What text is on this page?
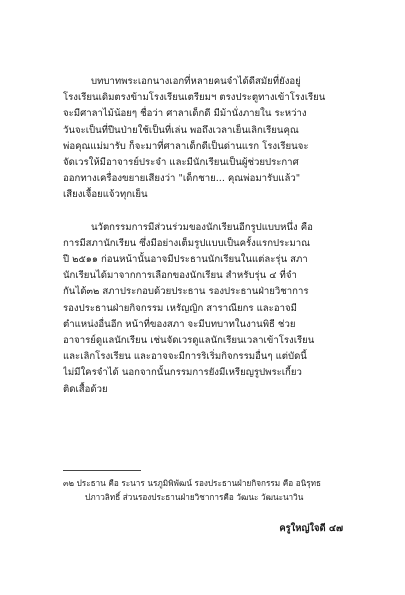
บทบาทพระเอกนางเอกที่หลายคนจำได้ดีสมัยที่ยังอยู่
โรงเรียนเดิมตรงข้ามโรงเรียนเตรียมฯ ตรงประตูทางเข้าโรงเรียน
จะมีศาลาไม้น้อยๆ ชื่อว่า ศาลาเด็กดี มีม้านั่งภายใน ระหว่าง
วันจะเป็นที่ปีนป่ายใช้เป็นที่เล่น พอถึงเวลาเย็นเลิกเรียนคุณ
พ่อคุณแม่มารับ ก็จะมาที่ศาลาเด็กดีเป็นด่านแรก โรงเรียนจะ
จัดเวรให้มีอาจารย์ประจำ และมีนักเรียนเป็นผู้ช่วยประกาศ
ออกทางเครื่องขยายเสียงว่า "เด็กชาย... คุณพ่อมารับแล้ว"
เสียงเจื้อยแจ้วทุกเย็น

นวัตกรรมการมีส่วนร่วมของนักเรียนอีกรูปแบบหนึ่ง คือ
การมีสภานักเรียน ซึ่งมีอย่างเต็มรูปแบบเป็นครั้งแรกประมาณ
ปี ๒๕๑๑ ก่อนหน้านั้นอาจมีประธานนักเรียนในแต่ละรุ่น สภา
นักเรียนได้มาจากการเลือกของนักเรียน สำหรับรุ่น ๔ ที่จำ
กันได้๓๒ สภาประกอบด้วยประธาน รองประธานฝ่ายวิชาการ
รองประธานฝ่ายกิจกรรม เหรัญญิก สาราณียกร และอาจมี
ตำแหน่งอื่นอีก หน้าที่ของสภา จะมีบทบาทในงานพิธี ช่วย
อาจารย์ดูแลนักเรียน เช่นจัดเวรดูแลนักเรียนเวลาเข้าโรงเรียน
และเลิกโรงเรียน และอาจจะมีการริเริ่มกิจกรรมอื่นๆ แต่บัดนี้
ไม่มีใครจำได้ นอกจากนั้นกรรมการยังมีเหรียญรูปพระเกี้ยว
ติดเสื้อด้วย

๓๒ ประธาน คือ ระนาร นรภูมิพิพัฒน์ รองประธานฝ่ายกิจกรรม คือ อนิรุทธ
ปภาวลิทธิ์ ส่วนรองประธานฝ่ายวิชาการคือ วัฒนะ วัฒนะนาวิน
ครูใหญ่ใจดี ๔๗
